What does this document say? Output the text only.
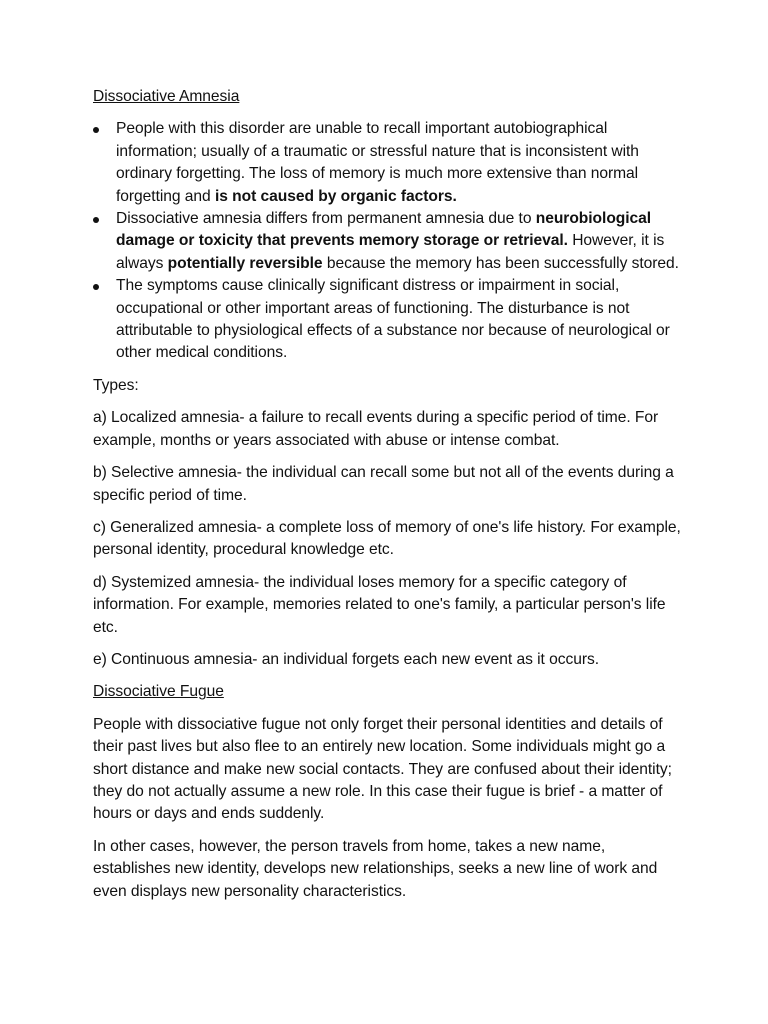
Dissociative Amnesia
People with this disorder are unable to recall important autobiographical information; usually of a traumatic or stressful nature that is inconsistent with ordinary forgetting. The loss of memory is much more extensive than normal forgetting and is not caused by organic factors.
Dissociative amnesia differs from permanent amnesia due to neurobiological damage or toxicity that prevents memory storage or retrieval. However, it is always potentially reversible because the memory has been successfully stored.
The symptoms cause clinically significant distress or impairment in social, occupational or other important areas of functioning. The disturbance is not attributable to physiological effects of a substance nor because of neurological or other medical conditions.

Types:

a) Localized amnesia- a failure to recall events during a specific period of time. For example, months or years associated with abuse or intense combat.

b) Selective amnesia- the individual can recall some but not all of the events during a specific period of time.

c) Generalized amnesia- a complete loss of memory of one's life history. For example, personal identity, procedural knowledge etc.

d) Systemized amnesia- the individual loses memory for a specific category of information. For example, memories related to one's family, a particular person's life etc.

e) Continuous amnesia- an individual forgets each new event as it occurs.

Dissociative Fugue

People with dissociative fugue not only forget their personal identities and details of their past lives but also flee to an entirely new location. Some individuals might go a short distance and make new social contacts. They are confused about their identity; they do not actually assume a new role. In this case their fugue is brief - a matter of hours or days and ends suddenly.

In other cases, however, the person travels from home, takes a new name, establishes new identity, develops new relationships, seeks a new line of work and even displays new personality characteristics.
